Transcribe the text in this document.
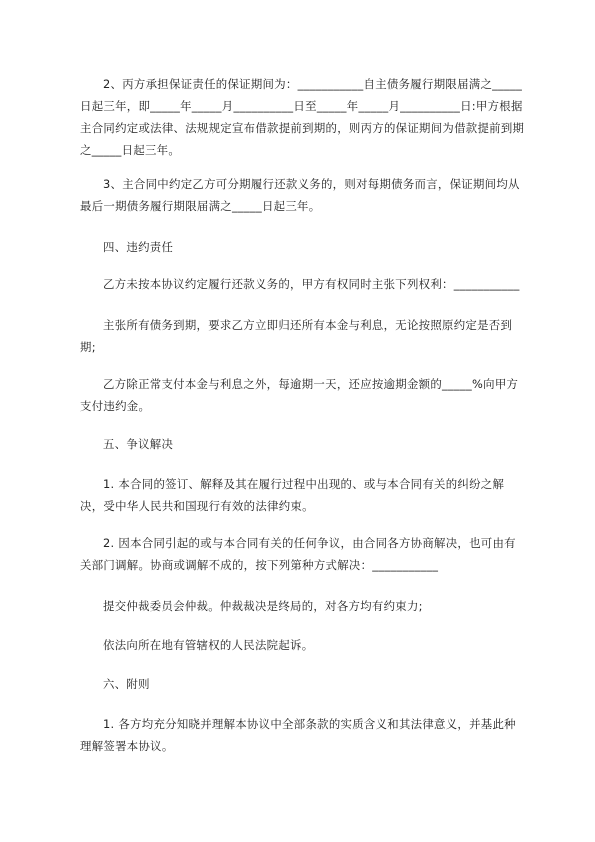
2、丙方承担保证责任的保证期间为：___________自主债务履行期限届满之_____日起三年，即_____年_____月__________日至_____年_____月__________日:甲方根据主合同约定或法律、法规规定宣布借款提前到期的，则丙方的保证期间为借款提前到期之_____日起三年。

3、主合同中约定乙方可分期履行还款义务的，则对每期债务而言，保证期间均从最后一期债务履行期限届满之_____日起三年。

四、违约责任

乙方未按本协议约定履行还款义务的，甲方有权同时主张下列权利：___________

主张所有债务到期，要求乙方立即归还所有本金与利息，无论按照原约定是否到期;

乙方除正常支付本金与利息之外，每逾期一天，还应按逾期金额的_____%向甲方支付违约金。

五、争议解决

1. 本合同的签订、解释及其在履行过程中出现的、或与本合同有关的纠纷之解决，受中华人民共和国现行有效的法律约束。

2. 因本合同引起的或与本合同有关的任何争议，由合同各方协商解决，也可由有关部门调解。协商或调解不成的，按下列第种方式解决：___________

提交仲裁委员会仲裁。仲裁裁决是终局的，对各方均有约束力;

依法向所在地有管辖权的人民法院起诉。

六、附则

1. 各方均充分知晓并理解本协议中全部条款的实质含义和其法律意义，并基此种理解签署本协议。
